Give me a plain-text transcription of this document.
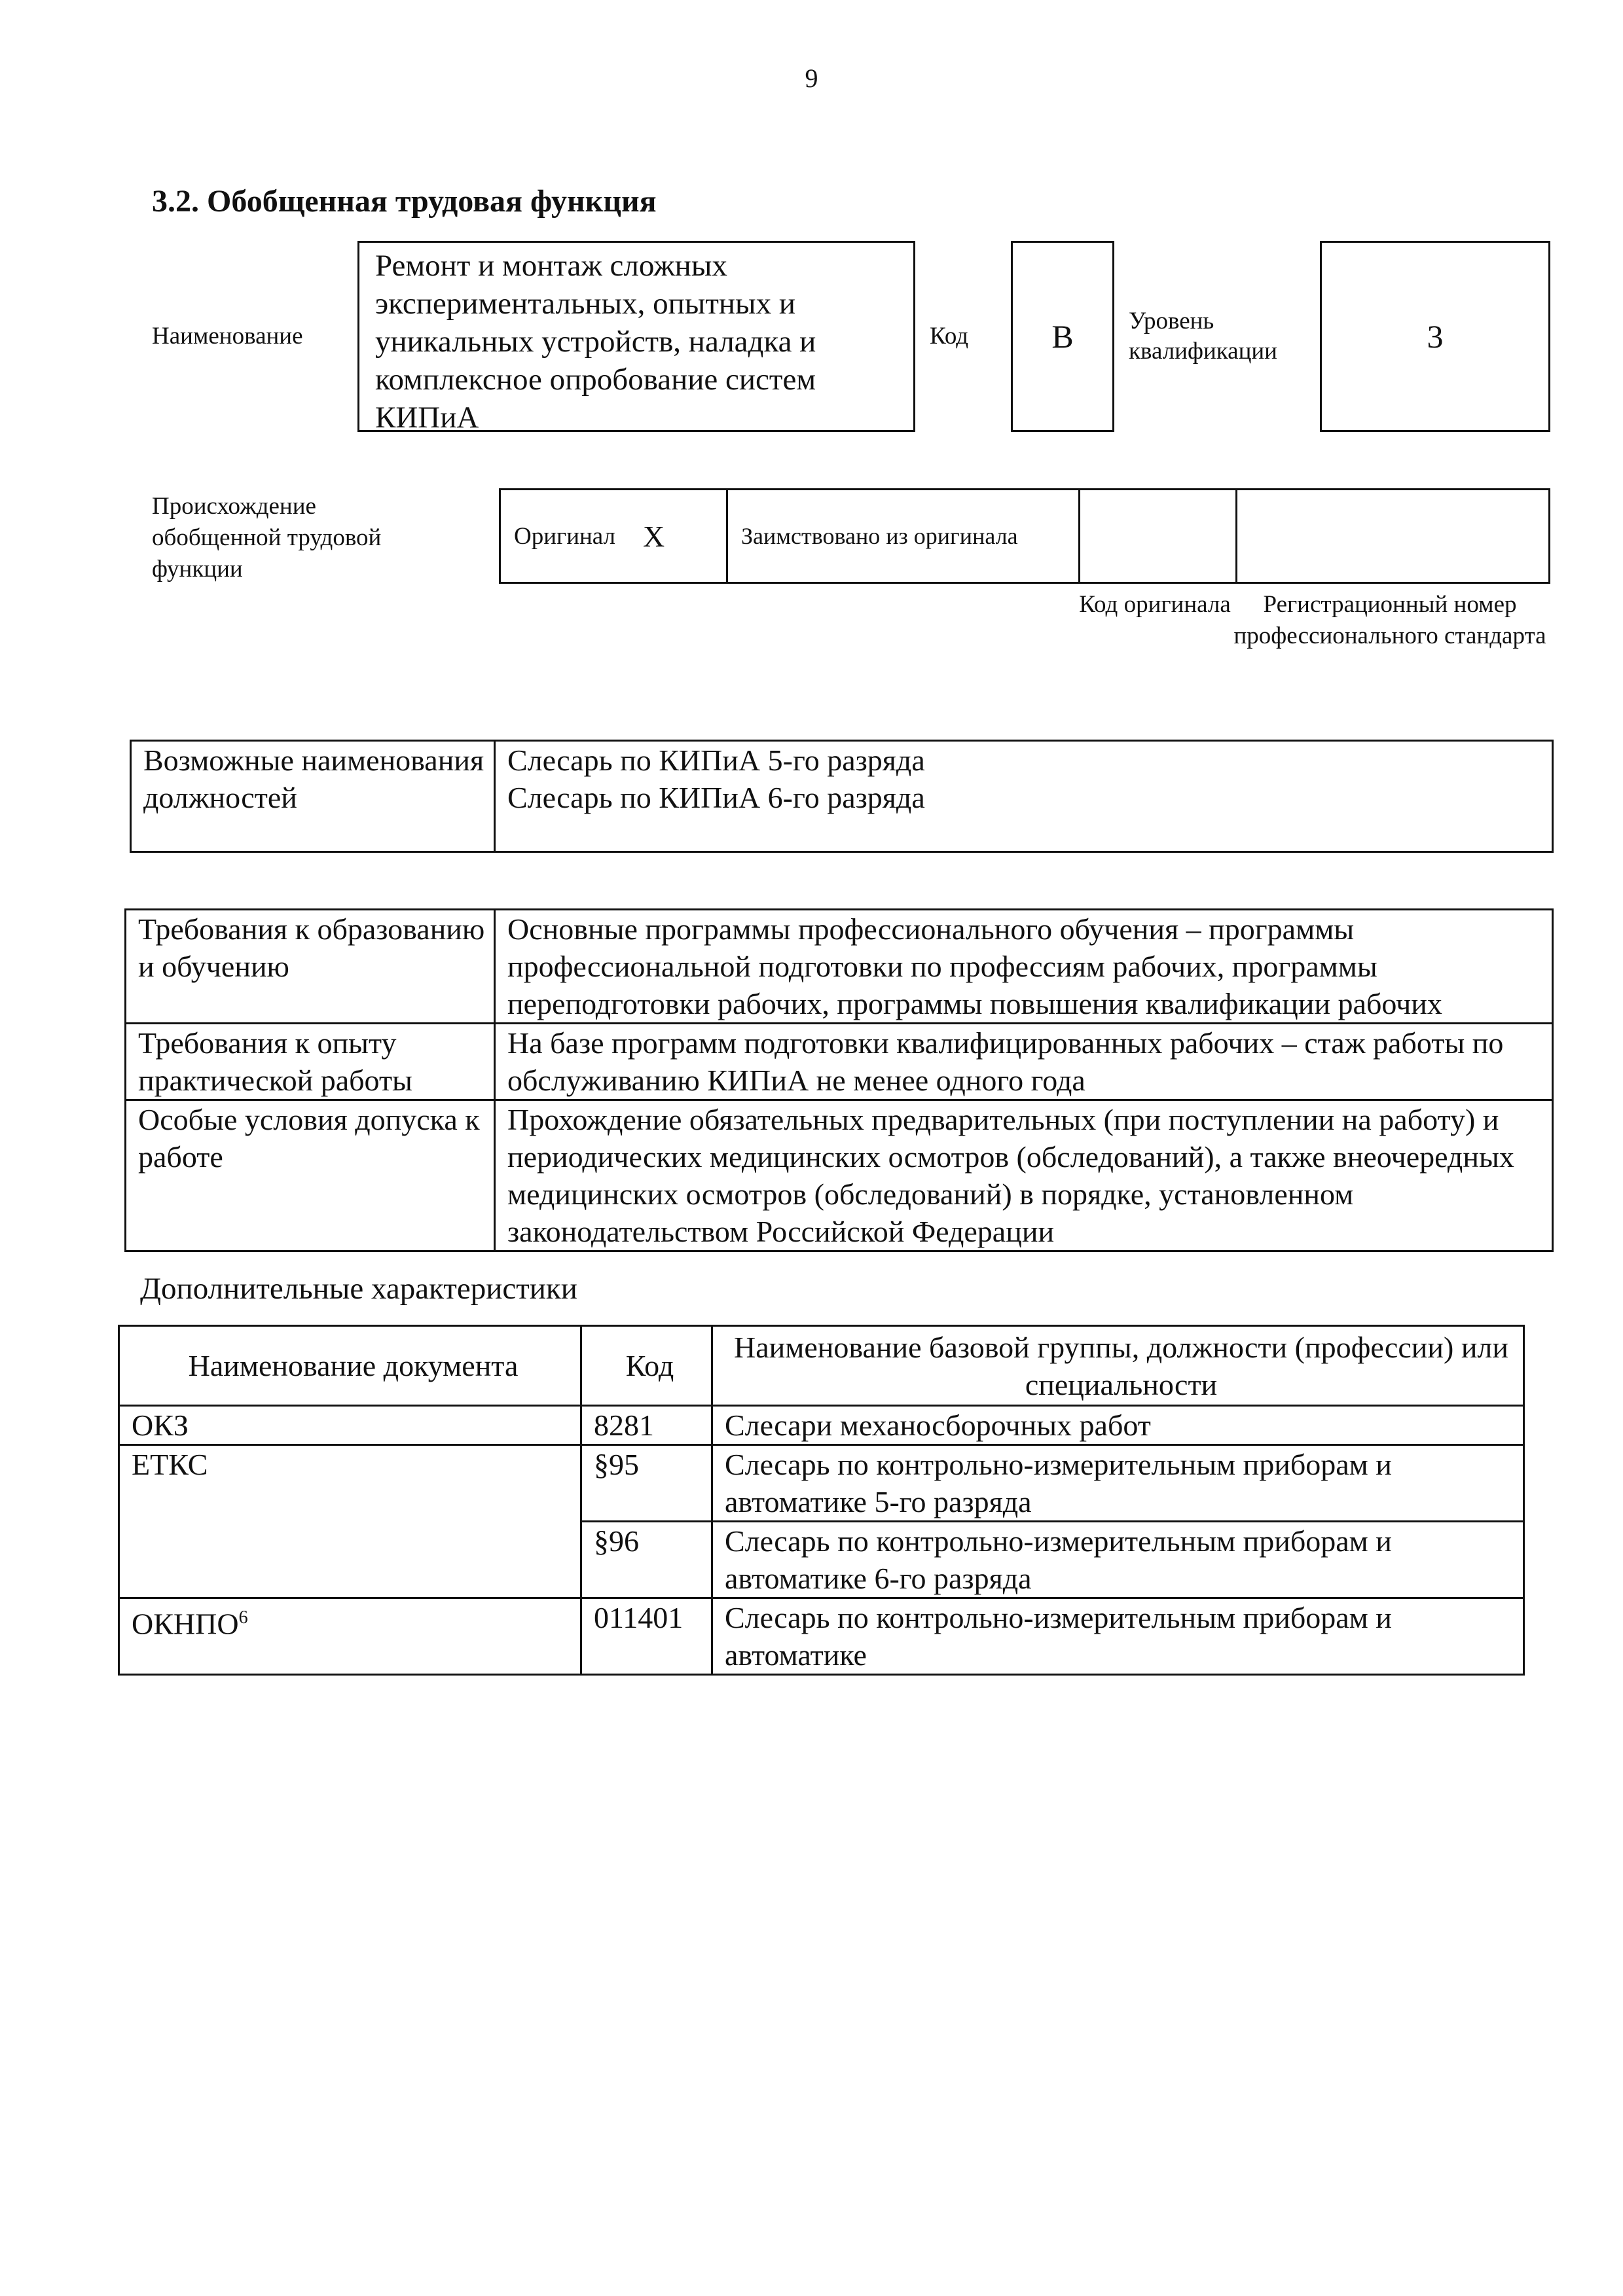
9
3.2. Обобщенная трудовая функция
Наименование
Ремонт и монтаж сложных экспериментальных, опытных и уникальных устройств, наладка и комплексное опробование систем КИПиА
Код	B Уровень квалификации	3
Происхождение обобщенной трудовой функции
Оригинал X	Заимствовано из оригинала
Код оригинала	Регистрационный номер профессионального стандарта
Возможные наименования должностей	
Слесарь по КИПиА 5-го разряда
Слесарь по КИПиА 6-го разряда
Требования к образованию и обучению	Основные программы профессионального обучения – программы профессиональной подготовки по профессиям рабочих, программы переподготовки рабочих, программы повышения квалификации рабочих
Требования к опыту практической работы	На базе программ подготовки квалифицированных рабочих – стаж работы по обслуживанию КИПиА не менее одного года
Особые условия допуска к работе	Прохождение обязательных предварительных (при поступлении на работу) и периодических медицинских осмотров (обследований), а также внеочередных медицинских осмотров (обследований) в порядке, установленном законодательством Российской Федерации
Дополнительные характеристики
Наименование документа	Код	Наименование базовой группы, должности (профессии) или специальности
ОКЗ	8281	Слесари механосборочных работ
ЕТКС	§95	Слесарь по контрольно-измерительным приборам и автоматике 5-го разряда
	§96	Слесарь по контрольно-измерительным приборам и автоматике 6-го разряда
ОКНПО$^6$	011401	Слесарь по контрольно-измерительным приборам и автоматике
